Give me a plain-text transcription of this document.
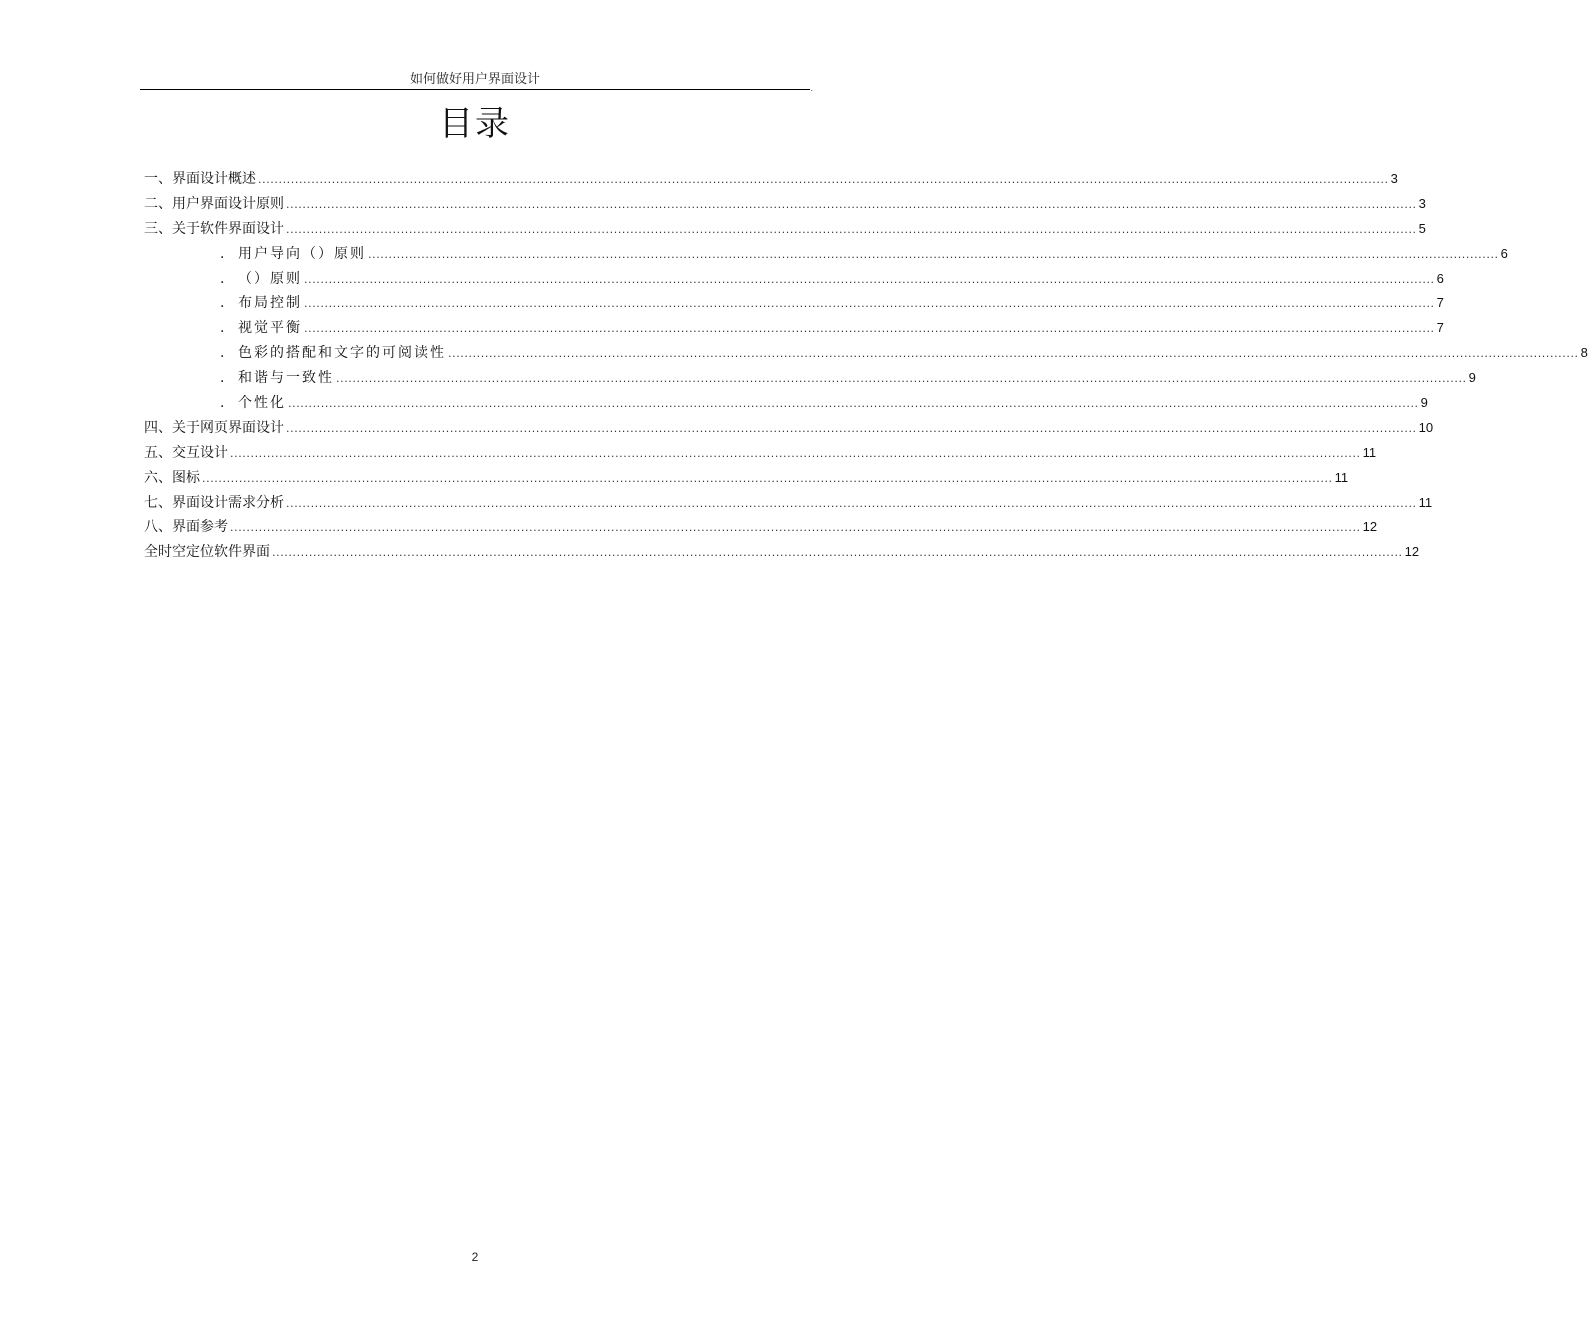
如何做好用户界面设计
.
目录
一、 界面设计概述 .................................................................................................................................................................................................................................................................................... 3
二、 用户界面设计原则 .................................................................................................................................................................................................................................................................................... 3
三、 关于软件界面设计 .................................................................................................................................................................................................................................................................................... 5
. 用户导向（ ）原则 .................................................................................................................................................................................................................................................................................... 6
. （ ）原则 .................................................................................................................................................................................................................................................................................... 6
. 布局控制 .................................................................................................................................................................................................................................................................................... 7
. 视觉平衡 .................................................................................................................................................................................................................................................................................... 7
. 色彩的搭配和文字的可阅读性 .................................................................................................................................................................................................................................................................................... 8
. 和谐与一致性 .................................................................................................................................................................................................................................................................................... 9
. 个性化 .................................................................................................................................................................................................................................................................................... 9
四、 关于网页界面设计 .................................................................................................................................................................................................................................................................................... 10
五、 交互设计 .................................................................................................................................................................................................................................................................................... 11
六、 图标 .................................................................................................................................................................................................................................................................................... 11
七、 界面设计需求分析 .................................................................................................................................................................................................................................................................................... 11
八、 界面参考 .................................................................................................................................................................................................................................................................................... 12
全时空定位软件界面 .................................................................................................................................................................................................................................................................................... 12
2
